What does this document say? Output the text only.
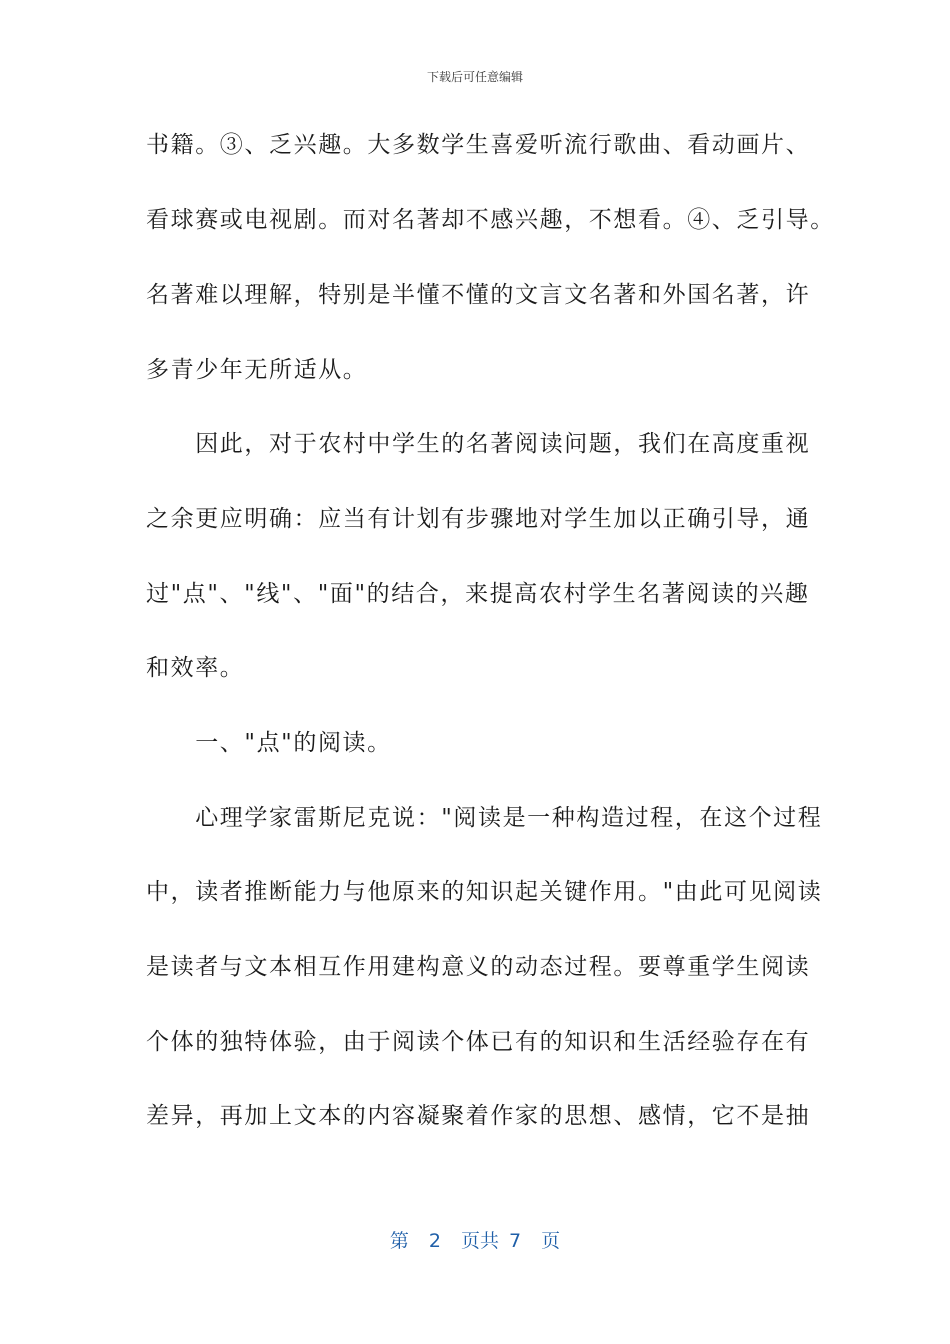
下载后可任意编辑
书籍。③、乏兴趣。大多数学生喜爱听流行歌曲、看动画片、
看球赛或电视剧。而对名著却不感兴趣，不想看。④、乏引导。
名著难以理解，特别是半懂不懂的文言文名著和外国名著，许
多青少年无所适从。
　　因此，对于农村中学生的名著阅读问题，我们在高度重视
之余更应明确：应当有计划有步骤地对学生加以正确引导，通
过"点"、"线"、"面"的结合，来提高农村学生名著阅读的兴趣
和效率。
　　一、"点"的阅读。
　　心理学家雷斯尼克说："阅读是一种构造过程，在这个过程
中，读者推断能力与他原来的知识起关键作用。"由此可见阅读
是读者与文本相互作用建构意义的动态过程。要尊重学生阅读
个体的独特体验，由于阅读个体已有的知识和生活经验存在有
差异，再加上文本的内容凝聚着作家的思想、感情，它不是抽
第 2 页共 7 页
